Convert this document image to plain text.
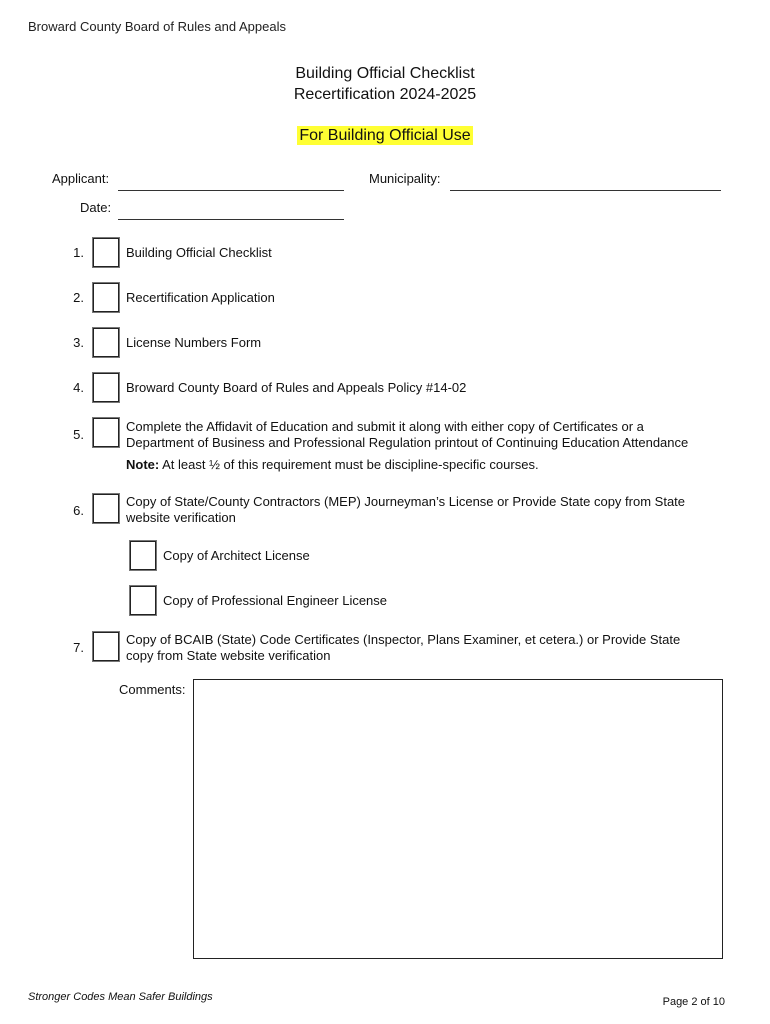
Broward County Board of Rules and Appeals
Building Official Checklist
Recertification 2024-2025
For Building Official Use
Applicant:	Municipality:
Date:
1.	Building Official Checklist
2.	Recertification Application
3.	License Numbers Form
4.	Broward County Board of Rules and Appeals Policy #14-02
5.
Complete the Affidavit of Education and submit it along with either copy of Certificates or a
Department of Business and Professional Regulation printout of Continuing Education Attendance
Note: At least ½ of this requirement must be discipline-specific courses.
6.
Copy of State/County Contractors (MEP) Journeyman’s License or Provide State copy from State
website verification
Copy of Architect License
Copy of Professional Engineer License
7.
Copy of BCAIB (State) Code Certificates (Inspector, Plans Examiner, et cetera.) or Provide State
copy from State website verification
Comments:
Stronger Codes Mean Safer Buildings	Page 2 of 10
